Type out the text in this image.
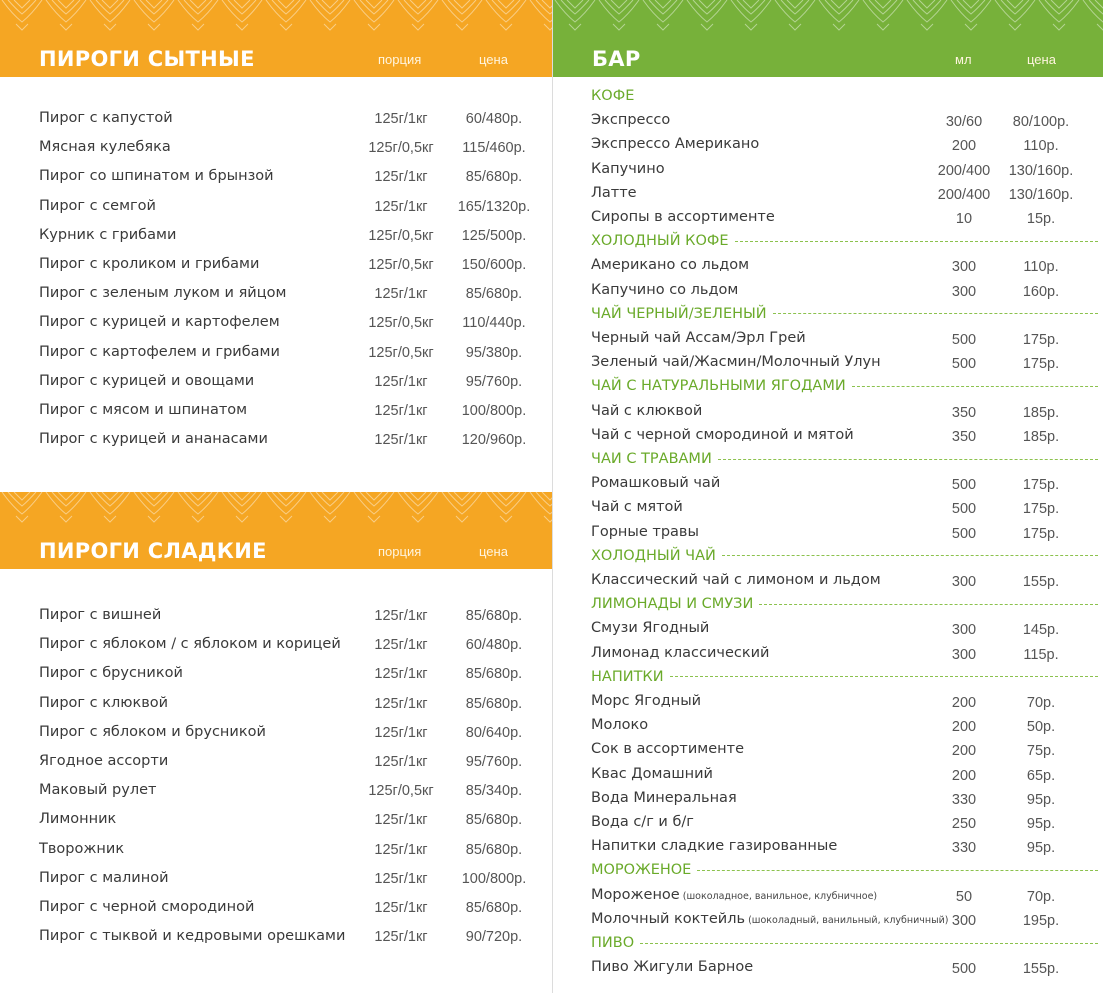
ПИРОГИ СЫТНЫЕ	порция	цена
Пирог с капустой	125г/1кг	60/480р.
Мясная кулебяка	125г/0,5кг	115/460р.
Пирог со шпинатом и брынзой	125г/1кг	85/680р.
Пирог с семгой	125г/1кг	165/1320р.
Курник с грибами	125г/0,5кг	125/500р.
Пирог с кроликом и грибами	125г/0,5кг	150/600р.
Пирог с зеленым луком и яйцом	125г/1кг	85/680р.
Пирог с курицей и картофелем	125г/0,5кг	110/440р.
Пирог с картофелем и грибами	125г/0,5кг	95/380р.
Пирог с курицей и овощами	125г/1кг	95/760р.
Пирог с мясом и шпинатом	125г/1кг	100/800р.
Пирог с курицей и ананасами	125г/1кг	120/960р.
ПИРОГИ СЛАДКИЕ	порция	цена
Пирог с вишней	125г/1кг	85/680р.
Пирог с яблоком / с яблоком и корицей	125г/1кг	60/480р.
Пирог с брусникой	125г/1кг	85/680р.
Пирог с клюквой	125г/1кг	85/680р.
Пирог с яблоком и брусникой	125г/1кг	80/640р.
Ягодное ассорти	125г/1кг	95/760р.
Маковый рулет	125г/0,5кг	85/340р.
Лимонник	125г/1кг	85/680р.
Творожник	125г/1кг	85/680р.
Пирог с малиной	125г/1кг	100/800р.
Пирог с черной смородиной	125г/1кг	85/680р.
Пирог с тыквой и кедровыми орешками	125г/1кг	90/720р.
БАР	мл	цена
КОФЕ
Экспрессо	30/60	80/100р.
Экспрессо Американо	200	110р.
Капучино	200/400	130/160р.
Латте	200/400	130/160р.
Сиропы в ассортименте	10	15р.
ХОЛОДНЫЙ КОФЕ
Американо со льдом	300	110р.
Капучино со льдом	300	160р.
ЧАЙ ЧЕРНЫЙ/ЗЕЛЕНЫЙ
Черный чай Ассам/Эрл Грей	500	175р.
Зеленый чай/Жасмин/Молочный Улун	500	175р.
ЧАЙ С НАТУРАЛЬНЫМИ ЯГОДАМИ
Чай с клюквой	350	185р.
Чай с черной смородиной и мятой	350	185р.
ЧАИ С ТРАВАМИ
Ромашковый чай	500	175р.
Чай с мятой	500	175р.
Горные травы	500	175р.
ХОЛОДНЫЙ ЧАЙ
Классический чай с лимоном и льдом	300	155р.
ЛИМОНАДЫ И СМУЗИ
Смузи Ягодный	300	145р.
Лимонад классический	300	115р.
НАПИТКИ
Морс Ягодный	200	70р.
Молоко	200	50р.
Сок в ассортименте	200	75р.
Квас Домашний	200	65р.
Вода Минеральная	330	95р.
Вода с/г и б/г	250	95р.
Напитки сладкие газированные	330	95р.
МОРОЖЕНОЕ
Мороженое (шоколадное, ванильное, клубничное)	50	70р.
Молочный коктейль (шоколадный, ванильный, клубничный) 300	195р.
ПИВО
Пиво Жигули Барное	500	155р.
